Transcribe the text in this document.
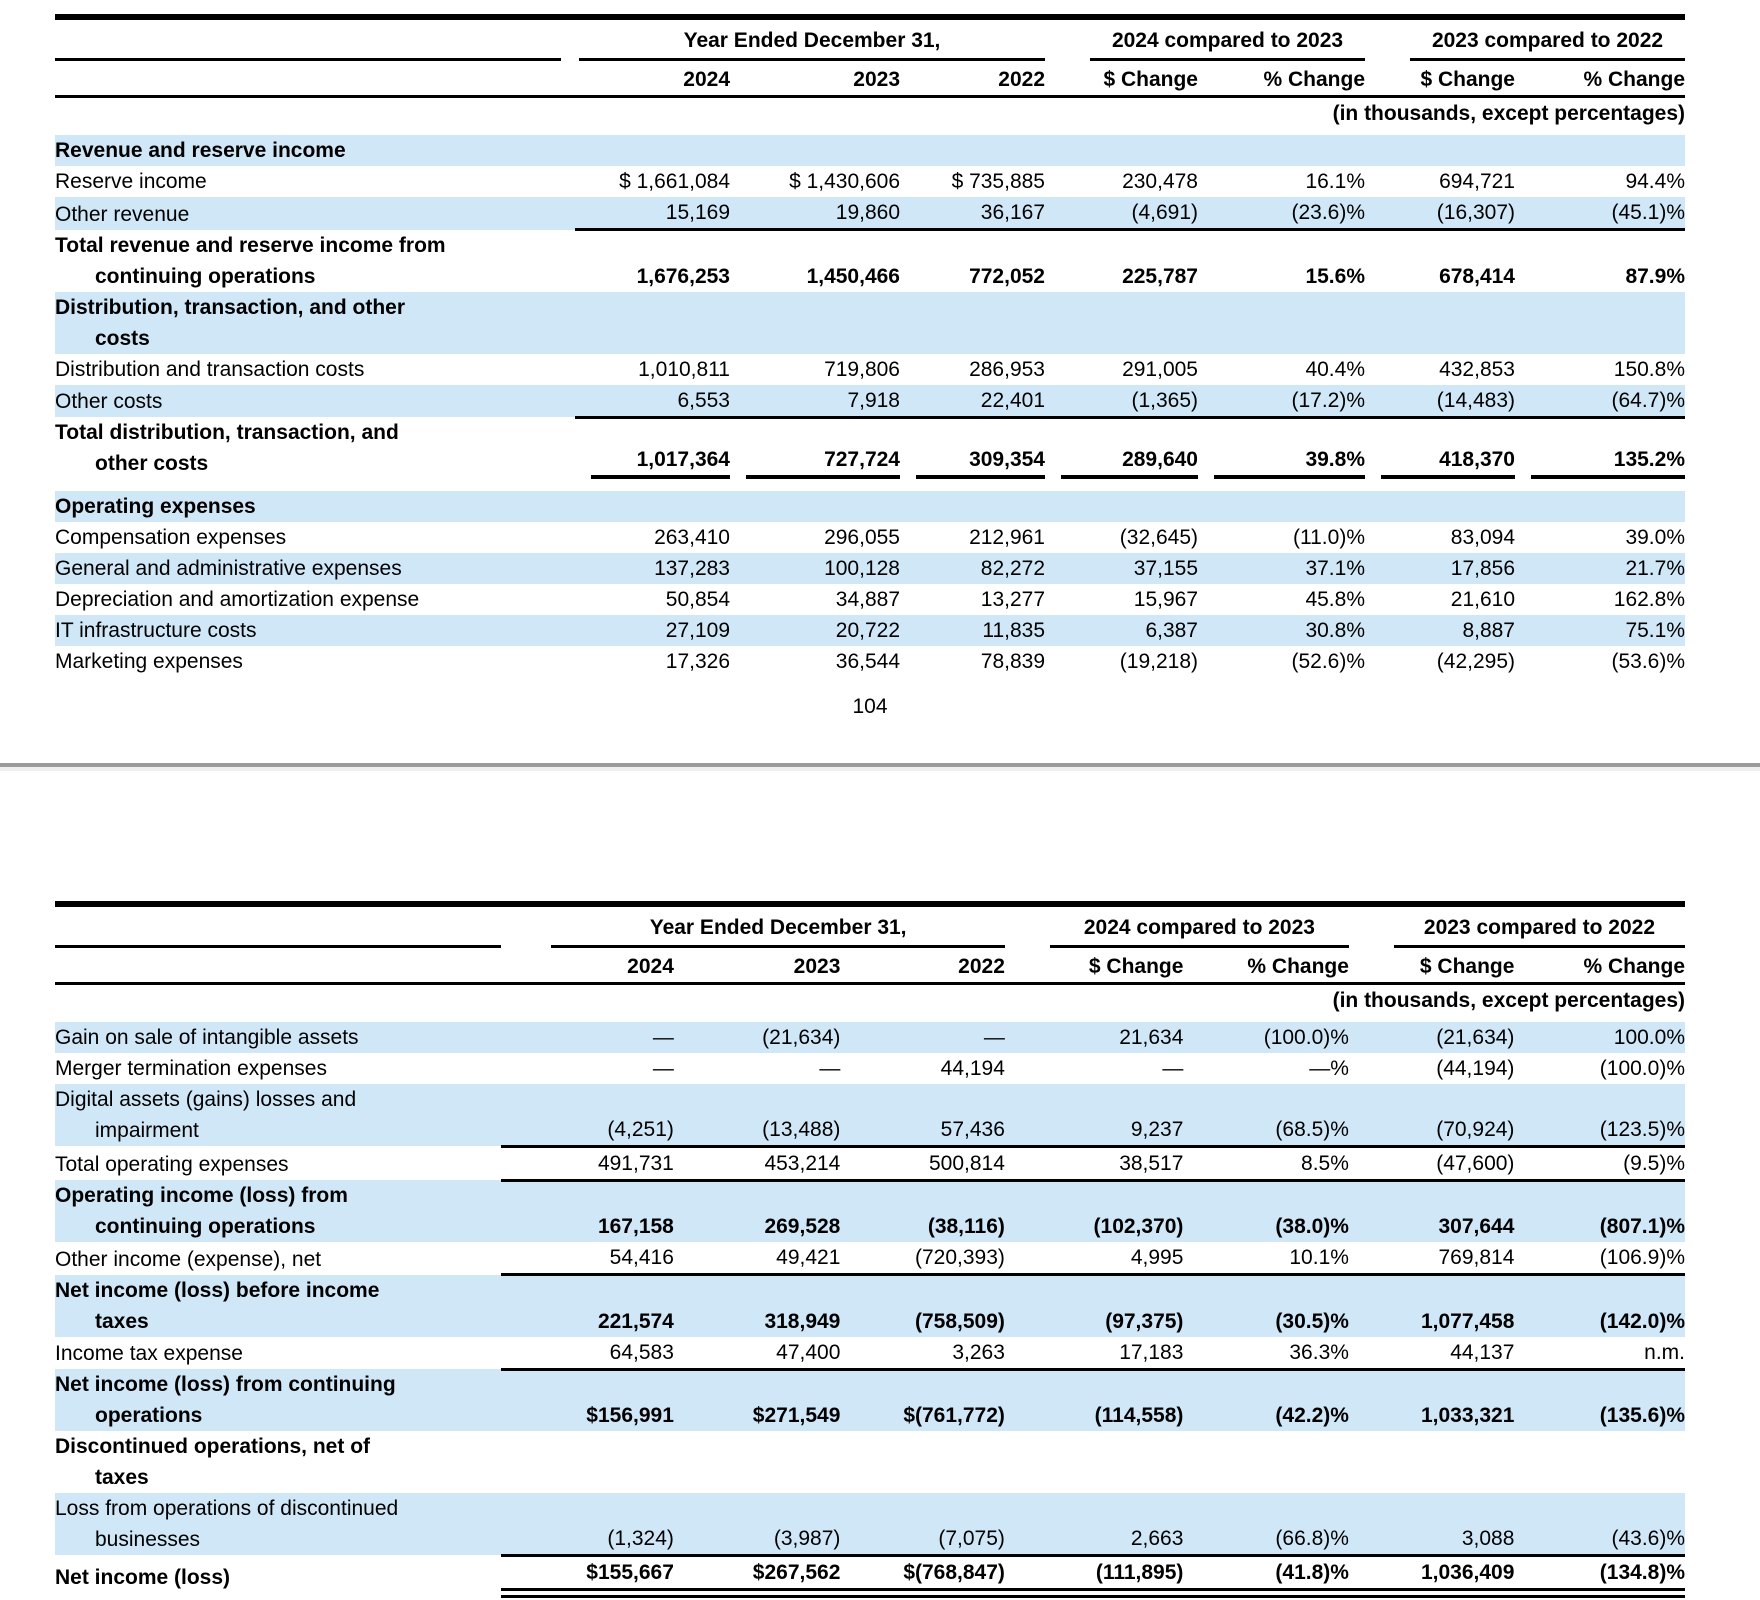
	Year Ended December 31,			2024 compared to 2023		2023 compared to 2022	

	2024	2023	2022	$ Change	% Change	$ Change	% Change
(in thousands, except percentages)							
Revenue and reserve income							
Reserve income	$ 1,661,084	$ 1,430,606	$ 735,885	230,478	16.1%	694,721	94.4%
Other revenue	15,169	19,860	36,167	(4,691)	(23.6)%	(16,307)	(45.1)%

Total revenue and reserve income from
continuing operations	1,676,253	1,450,466	772,052	225,787	15.6%	678,414	87.9%

Distribution, transaction, and other
costs							

Distribution and transaction costs	1,010,811	719,806	286,953	291,005	40.4%	432,853	150.8%
Other costs	6,553	7,918	22,401	(1,365)	(17.2)%	(14,483)	(64.7)%

Total distribution, transaction, and
other costs	1,017,364	727,724	309,354	289,640	39.8%	418,370	135.2%

Operating expenses							
Compensation expenses	263,410	296,055	212,961	(32,645)	(11.0)%	83,094	39.0%
General and administrative expenses	137,283	100,128	82,272	37,155	37.1%	17,856	21.7%
Depreciation and amortization expense	50,854	34,887	13,277	15,967	45.8%	21,610	162.8%
IT infrastructure costs	27,109	20,722	11,835	6,387	30.8%	8,887	75.1%
Marketing expenses	17,326	36,544	78,839	(19,218)	(52.6)%	(42,295)	(53.6)%
104

	Year Ended December 31,			2024 compared to 2023		2023 compared to 2022	

	2024	2023	2022	$ Change	% Change	$ Change	% Change
(in thousands, except percentages)							
Gain on sale of intangible assets	—	(21,634)	—	21,634	(100.0)%	(21,634)	100.0%
Merger termination expenses	—	—	44,194	—	—%	(44,194)	(100.0)%

Digital assets (gains) losses and
impairment	(4,251)	(13,488)	57,436	9,237	(68.5)%	(70,924)	(123.5)%
Total operating expenses	491,731	453,214	500,814	38,517	8.5%	(47,600)	(9.5)%

Operating income (loss) from
continuing operations	167,158	269,528	(38,116)	(102,370)	(38.0)%	307,644	(807.1)%
Other income (expense), net	54,416	49,421	(720,393)	4,995	10.1%	769,814	(106.9)%

Net income (loss) before income
taxes	221,574	318,949	(758,509)	(97,375)	(30.5)%	1,077,458	(142.0)%
Income tax expense	64,583	47,400	3,263	17,183	36.3%	44,137	n.m.

Net income (loss) from continuing
operations	$156,991	$271,549	$(761,772)	(114,558)	(42.2)%	1,033,321	(135.6)%

Discontinued operations, net of
taxes							

Loss from operations of discontinued
businesses	(1,324)	(3,987)	(7,075)	2,663	(66.8)%	3,088	(43.6)%
Net income (loss)	$155,667	$267,562	$(768,847)	(111,895)	(41.8)%	1,036,409	(134.8)%
